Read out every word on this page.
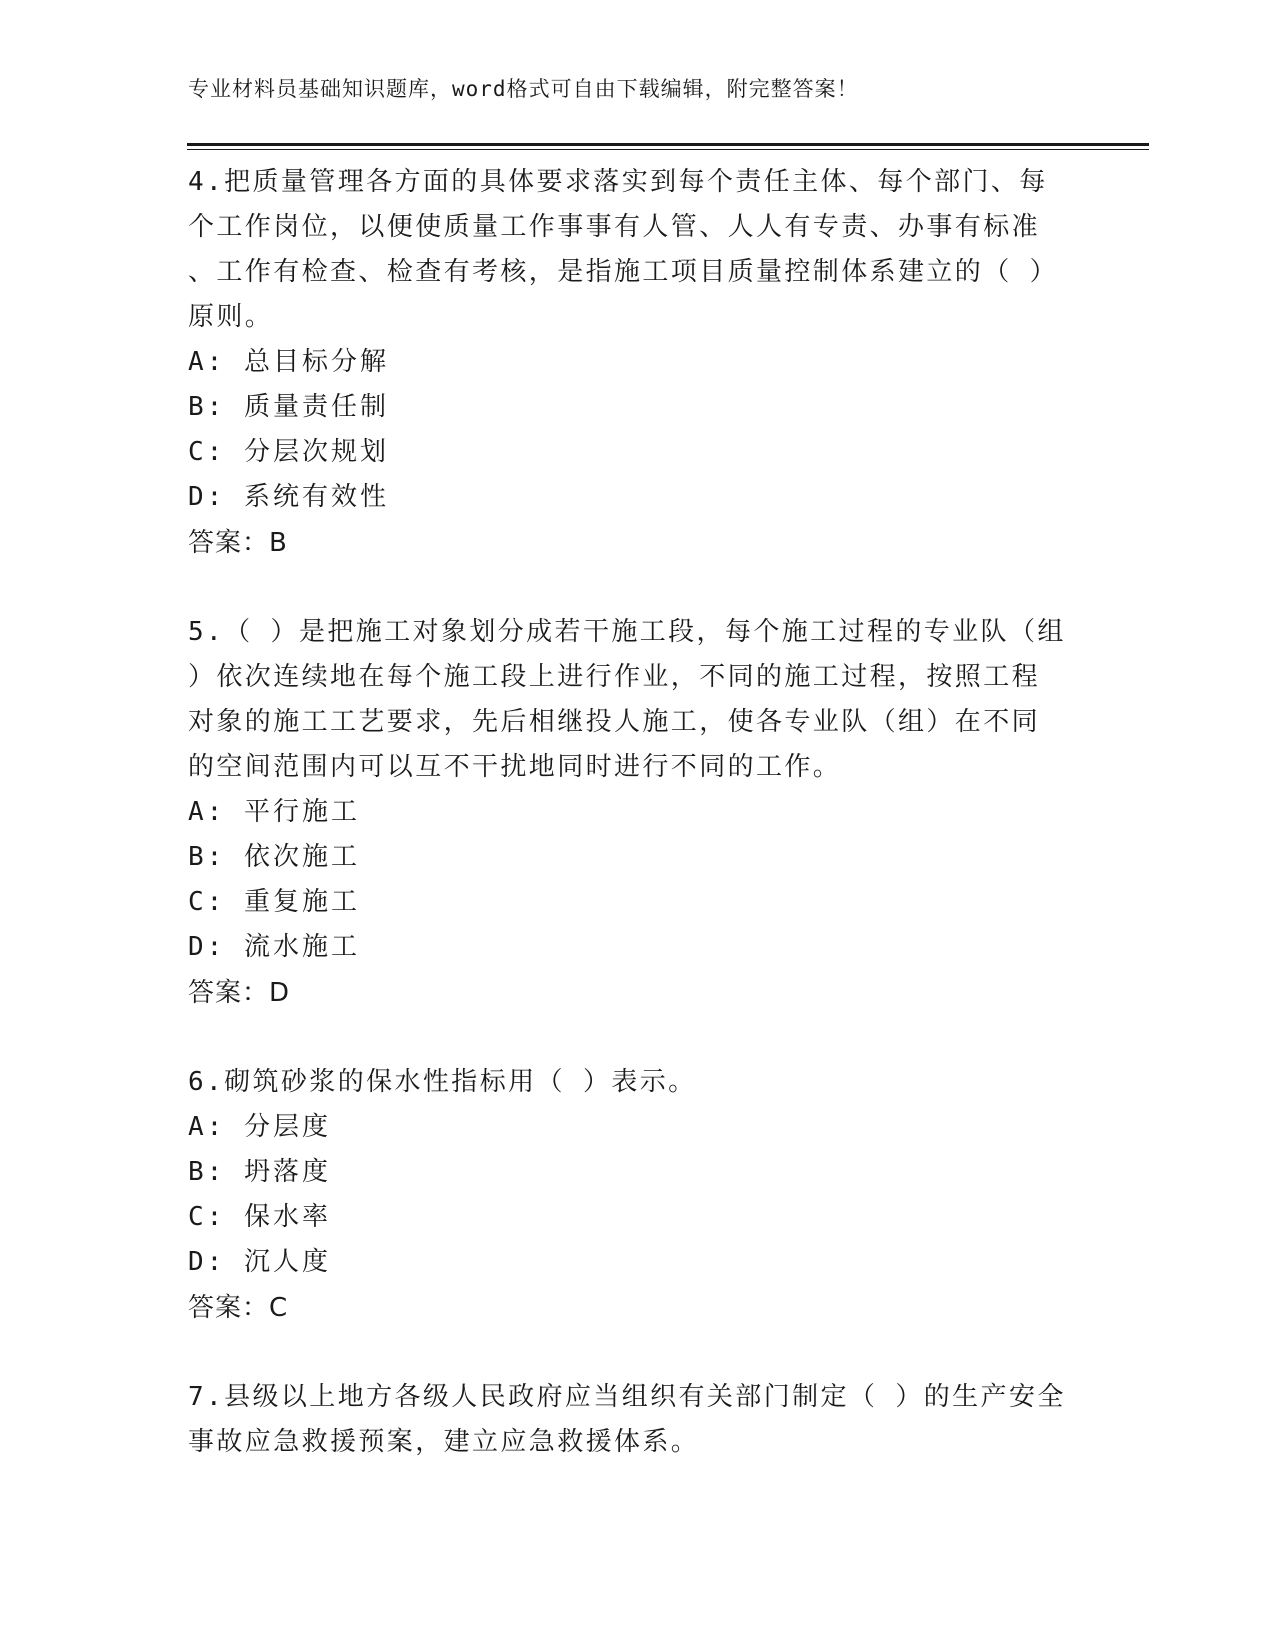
专业材料员基础知识题库，word格式可自由下载编辑，附完整答案！
4.把质量管理各方面的具体要求落实到每个责任主体、每个部门、每
个工作岗位，以便使质量工作事事有人管、人人有专责、办事有标准
、工作有检查、检查有考核，是指施工项目质量控制体系建立的（ ）
原则。
A: 总目标分解
B: 质量责任制
C: 分层次规划
D: 系统有效性
答案：B
5.（ ）是把施工对象划分成若干施工段，每个施工过程的专业队（组
）依次连续地在每个施工段上进行作业，不同的施工过程，按照工程
对象的施工工艺要求，先后相继投人施工，使各专业队（组）在不同
的空间范围内可以互不干扰地同时进行不同的工作。
A: 平行施工
B: 依次施工
C: 重复施工
D: 流水施工
答案：D
6.砌筑砂浆的保水性指标用（ ）表示。
A: 分层度
B: 坍落度
C: 保水率
D: 沉人度
答案：C
7.县级以上地方各级人民政府应当组织有关部门制定（ ）的生产安全
事故应急救援预案，建立应急救援体系。
